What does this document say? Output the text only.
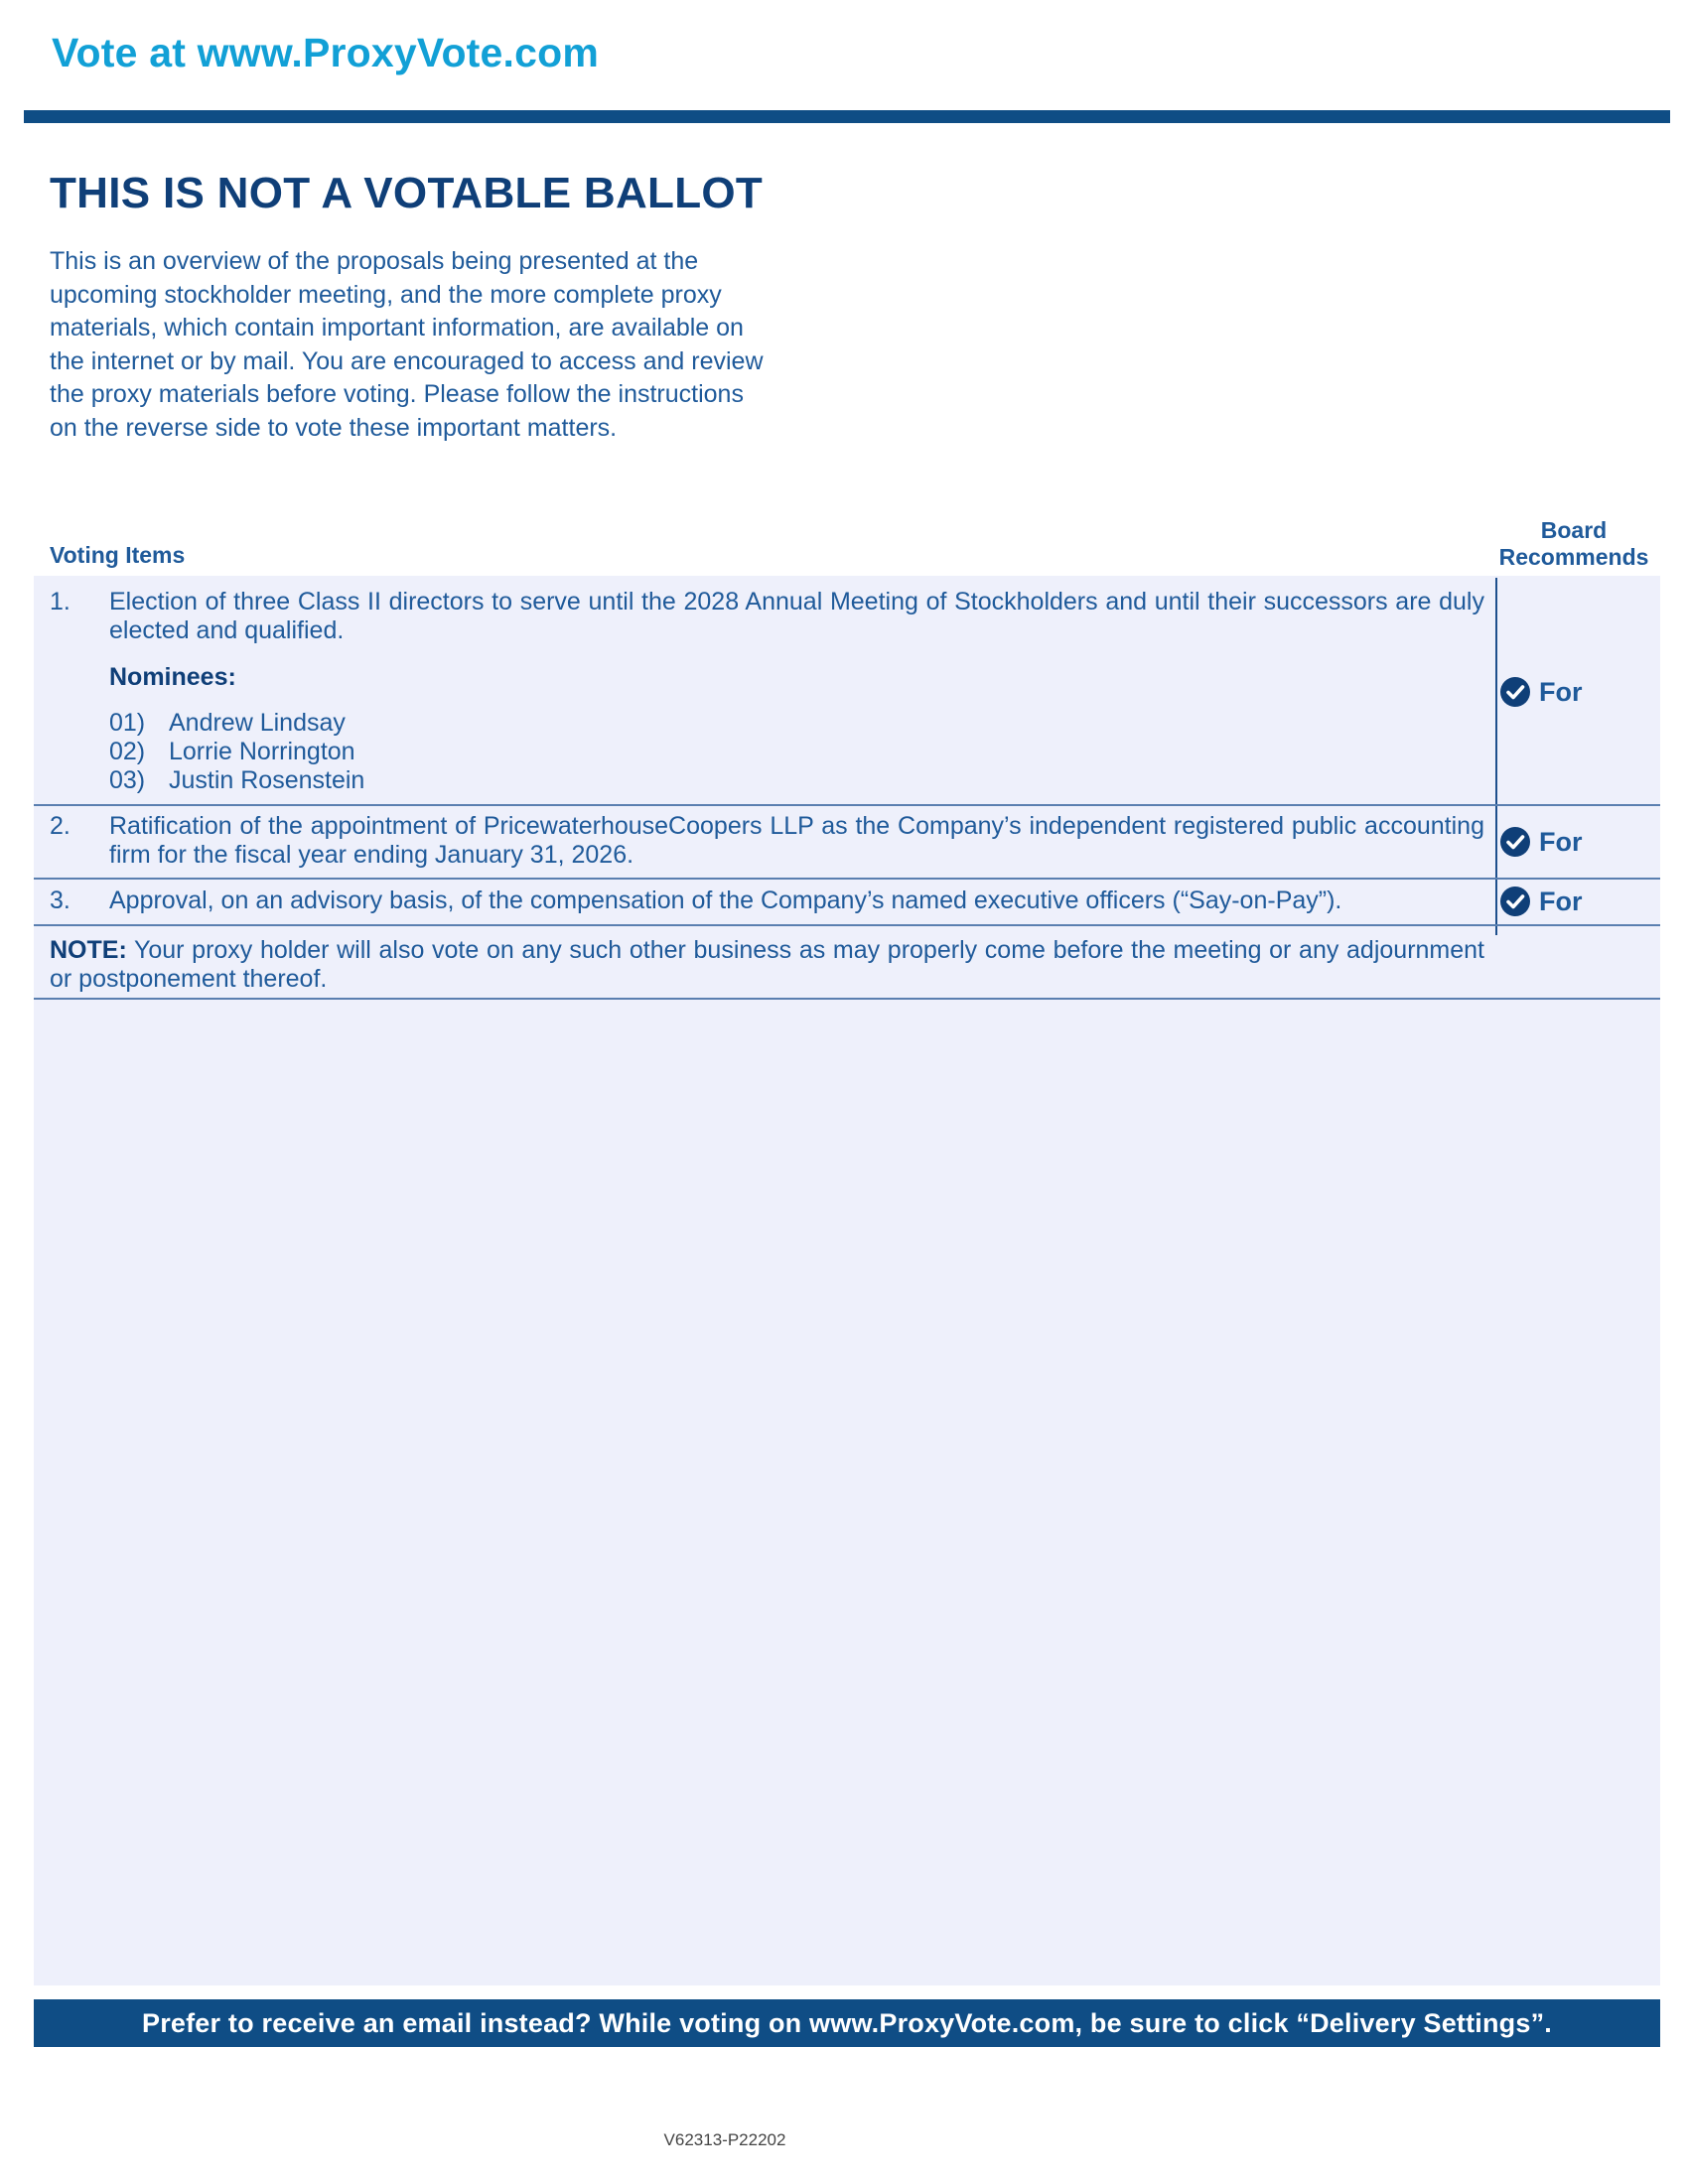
Vote at www.ProxyVote.com
THIS IS NOT A VOTABLE BALLOT
This is an overview of the proposals being presented at the
upcoming stockholder meeting, and the more complete proxy
materials, which contain important information, are available on
the internet or by mail. You are encouraged to access and review
the proxy materials before voting. Please follow the instructions
on the reverse side to vote these important matters.
Voting Items
Board
Recommends
1. Election of three Class II directors to serve until the 2028 Annual Meeting of Stockholders and until their successors are duly elected and qualified.
Nominees:
01) Andrew Lindsay
02) Lorrie Norrington
03) Justin Rosenstein
For
2. Ratification of the appointment of PricewaterhouseCoopers LLP as the Company’s independent registered public accounting firm for the fiscal year ending January 31, 2026.	For
3. Approval, on an advisory basis, of the compensation of the Company’s named executive officers (“Say-on-Pay”).	For
NOTE: Your proxy holder will also vote on any such other business as may properly come before the meeting or any adjournment or postponement thereof.
Prefer to receive an email instead? While voting on www.ProxyVote.com, be sure to click “Delivery Settings”.
V62313-P22202
